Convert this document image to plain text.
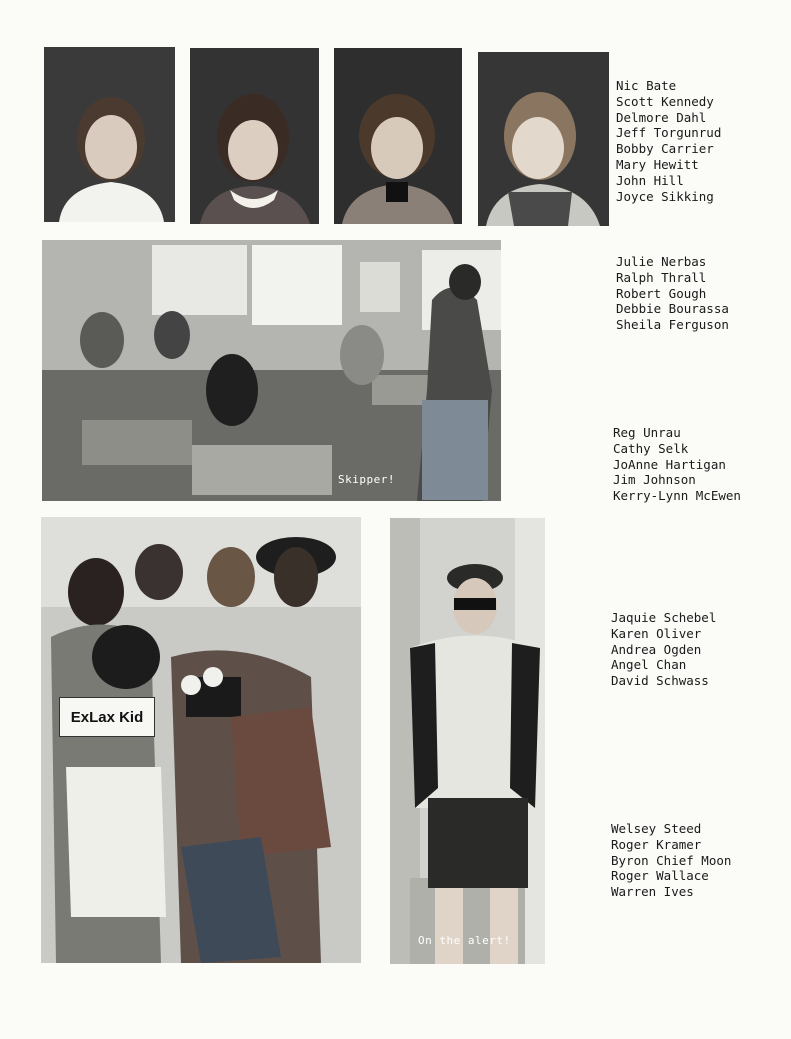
Nic Bate
Scott Kennedy
Delmore Dahl
Jeff Torgunrud
Bobby Carrier
Mary Hewitt
John Hill
Joyce Sikking
Skipper!
Julie Nerbas
Ralph Thrall
Robert Gough
Debbie Bourassa
Sheila Ferguson
Reg Unrau
Cathy Selk
JoAnne Hartigan
Jim Johnson
Kerry-Lynn McEwen
ExLax Kid
On the alert!
Jaquie Schebel
Karen Oliver
Andrea Ogden
Angel Chan
David Schwass
Welsey Steed
Roger Kramer
Byron Chief Moon
Roger Wallace
Warren Ives
